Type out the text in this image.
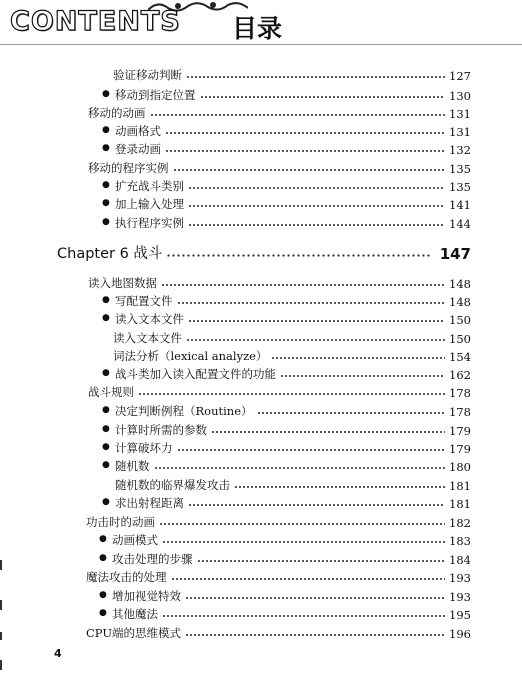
CONTENTS 目录
验证移动判断	127
● 移动到指定位置	130
移动的动画	131
● 动画格式	131
● 登录动画	132
移动的程序实例	135
● 扩充战斗类别	135
● 加上输入处理	141
● 执行程序实例	144
Chapter 6 战斗	147
读入地图数据	148
● 写配置文件	148
● 读入文本文件	150
读入文本文件	150
词法分析（lexical analyze）	154
● 战斗类加入读入配置文件的功能	162
战斗规则	178
● 决定判断例程（Routine）	178
● 计算时所需的参数	179
● 计算破坏力	179
● 随机数	180
随机数的临界爆发攻击	181
● 求出射程距离	181
功击时的动画	182
● 动画模式	183
● 攻击处理的步骤	184
魔法攻击的处理	193
● 增加视觉特效	193
● 其他魔法	195
CPU端的思维模式	196
4
